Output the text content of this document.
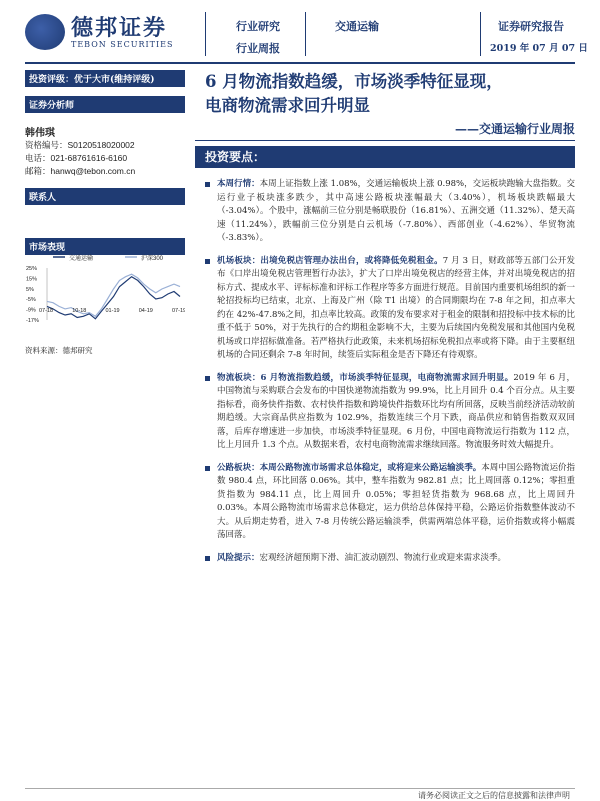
德邦证券
TEBON SECURITIES
行业研究
行业周报
交通运输	证券研究报告
2019 年 07 月 07 日
投资评级：优于大市(维持评级)
证券分析师
韩伟琪
资格编号：S0120518020002
电话：021-68761616-6160
邮箱：hanwq@tebon.com.cn
联系人
市场表现
交通运输	沪深300
25%
15%
5%
-5%
-9%
-17%
07-18	10-18	01-19	04-19	07-19
资料来源：德邦研究
6 月物流指数趋缓，市场淡季特征显现，
电商物流需求回升明显
——交通运输行业周报
投资要点：
本周行情：本周上证指数上涨 1.08%，交通运输板块上涨 0.98%，交运板块跑输大盘指数。交运行业子板块涨多跌少，其中高速公路板块涨幅最大（3.40%），机场板块跌幅最大（-3.04%）。个股中，涨幅前三位分别是畅联股份（16.81%）、五洲交通（11.32%）、楚天高速（11.24%），跌幅前三位分别是白云机场（-7.80%）、西部创业（-4.62%）、华贸物流（-3.83%）。
机场板块：出境免税店管理办法出台，或将降低免税租金。7 月 3 日，财政部等五部门公开发布《口岸出境免税店管理暂行办法》，扩大了口岸出境免税店的经营主体，并对出境免税店的招标方式、提成水平、评标标准和评标工作程序等多方面进行规范。目前国内重要机场组织的新一轮招投标均已结束，北京、上海及广州（除 T1 出境）的合同期限均在 7-8 年之间，扣点率大约在 42%-47.8%之间，扣点率比较高。政策的发布要求对于租金的限制和招投标中技术标的比重不低于 50%，对于先执行的合约期租金影响不大，主要为后续国内免税发展和其他国内免税机场或口岸招标做准备。若严格执行此政策，未来机场招标免税扣点率或将下降。由于主要枢纽机场的合同还剩余 7-8 年时间，续签后实际租金是否下降还有待观察。
物流板块：6 月物流指数趋缓，市场淡季特征显现，电商物流需求回升明显。2019 年 6 月，中国物流与采购联合会发布的中国快递物流指数为 99.9%，比上月回升 0.4 个百分点。从主要指标看，商务快件指数、农村快件指数和跨境快件指数环比均有所回落，反映当前经济活动较前期趋缓。大宗商品供应指数为 102.9%，指数连续三个月下跌，商品供应和销售指数双双回落，后库存增速进一步加快，市场淡季特征显现。6 月份，中国电商物流运行指数为 112 点，比上月回升 1.3 个点。从数据来看，农村电商物流需求继续回落。物流服务时效大幅提升。
公路板块：本周公路物流市场需求总体稳定，或将迎来公路运输淡季。本周中国公路物流运价指数 980.4 点，环比回落 0.06%。其中，整车指数为 982.81 点；比上周回落 0.12%；零担重货指数为 984.11 点，比上周回升 0.05%；零担轻货指数为 968.68 点，比上周回升 0.03%。本周公路物流市场需求总体稳定，运力供给总体保持平稳，公路运价指数整体波动不大。从后期走势看，进入 7-8 月传统公路运输淡季，供需两端总体平稳，运价指数或将小幅震荡回落。
风险提示：宏观经济超预期下滑、油汇波动剧烈、物流行业或迎来需求淡季。
请务必阅读正文之后的信息披露和法律声明
